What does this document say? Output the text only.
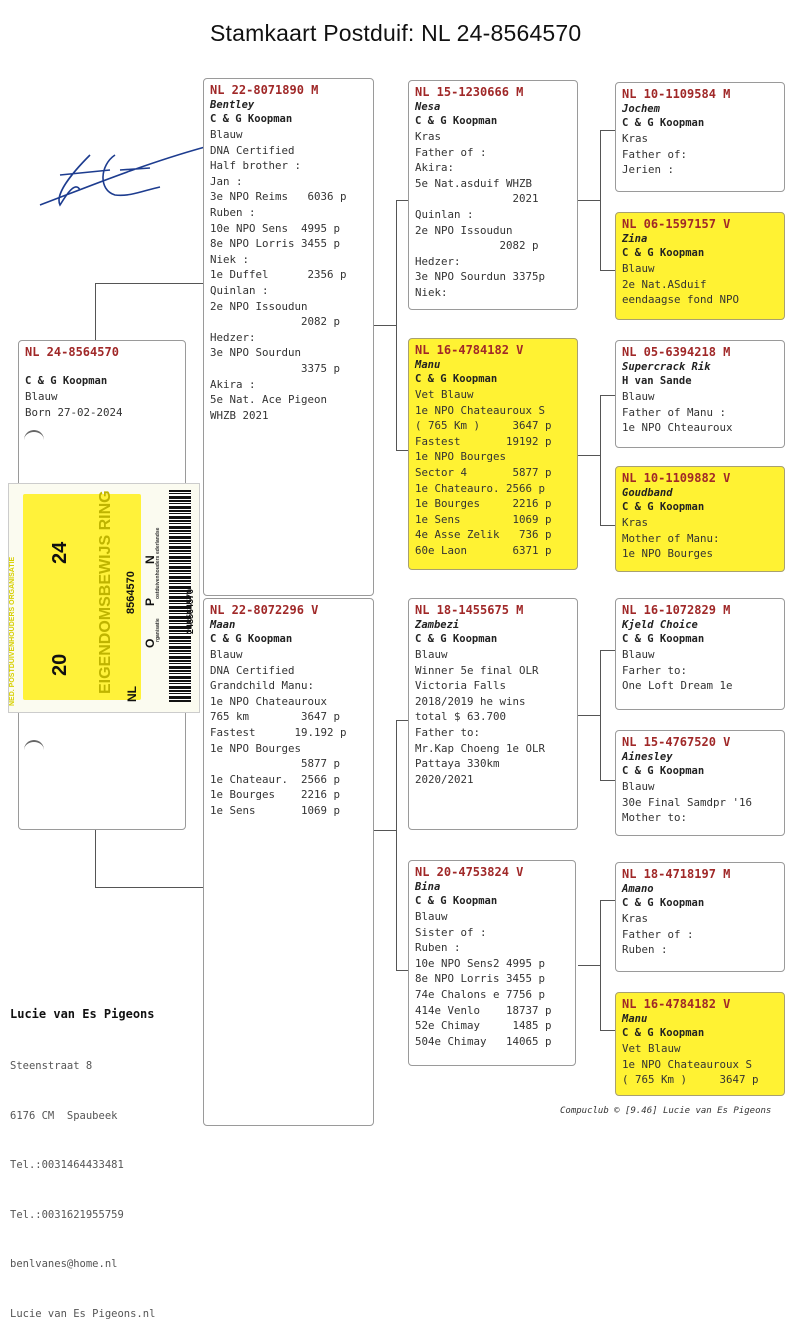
Stamkaart Postduif: NL 24-8564570
NL 24-8564570
C & G Koopman
Blauw
Born 27-02-2024
NED. POSTDUIVENHOUDERS ORGANISATIE	EIGENDOMSBEWIJS RING
20
24
NL
8564570
N
P
O
ederlandse
ostduivenhouders
rganisatie	248564570
NL 22-8071890 M
Bentley
C & G Koopman
Blauw
DNA Certified
Half brother :
Jan :
3e NPO Reims   6036 p
Ruben :
10e NPO Sens  4995 p
8e NPO Lorris 3455 p
Niek :
1e Duffel      2356 p
Quinlan :
2e NPO Issoudun
2082 p
Hedzer:
3e NPO Sourdun
3375 p
Akira :
5e Nat. Ace Pigeon
WHZB 2021
NL 22-8072296 V
Maan
C & G Koopman
Blauw
DNA Certified
Grandchild Manu:
1e NPO Chateauroux
765 km        3647 p
Fastest      19.192 p
1e NPO Bourges
5877 p
1e Chateaur.  2566 p
1e Bourges    2216 p
1e Sens       1069 p
NL 15-1230666 M
Nesa
C & G Koopman
Kras
Father of :
Akira:
5e Nat.asduif WHZB
2021
Quinlan :
2e NPO Issoudun
2082 p
Hedzer:
3e NPO Sourdun 3375p
Niek:
NL 16-4784182 V
Manu
C & G Koopman
Vet Blauw
1e NPO Chateauroux S
( 765 Km )     3647 p
Fastest       19192 p
1e NPO Bourges
Sector 4       5877 p
1e Chateauro. 2566 p
1e Bourges     2216 p
1e Sens        1069 p
4e Asse Zelik   736 p
60e Laon       6371 p
NL 18-1455675 M
Zambezi
C & G Koopman
Blauw
Winner 5e final OLR
Victoria Falls
2018/2019 he wins
total $ 63.700
Father to:
Mr.Kap Choeng 1e OLR
Pattaya 330km
2020/2021
NL 20-4753824 V
Bina
C & G Koopman
Blauw
Sister of :
Ruben :
10e NPO Sens2 4995 p
8e NPO Lorris 3455 p
74e Chalons e 7756 p
414e Venlo    18737 p
52e Chimay     1485 p
504e Chimay   14065 p
NL 10-1109584 M
Jochem
C & G Koopman
Kras
Father of:
Jerien :
NL 06-1597157 V
Zina
C & G Koopman
Blauw
2e Nat.ASduif
eendaagse fond NPO
NL 05-6394218 M
Supercrack Rik
H van Sande
Blauw
Father of Manu :
1e NPO Chteauroux
NL 10-1109882 V
Goudband
C & G Koopman
Kras
Mother of Manu:
1e NPO Bourges
NL 16-1072829 M
Kjeld Choice
C & G Koopman
Blauw
Farher to:
One Loft Dream 1e
NL 15-4767520 V
Ainesley
C & G Koopman
Blauw
30e Final Samdpr '16
Mother to:
NL 18-4718197 M
Amano
C & G Koopman
Kras
Father of :
Ruben :
NL 16-4784182 V
Manu
C & G Koopman
Vet Blauw
1e NPO Chateauroux S
( 765 Km )     3647 p
Lucie van Es Pigeons

Steenstraat 8

6176 CM  Spaubeek

Tel.:0031464433481

Tel.:0031621955759

benlvanes@home.nl

Lucie van Es Pigeons.nl

Compuclub © [9.46] Lucie van Es Pigeons
